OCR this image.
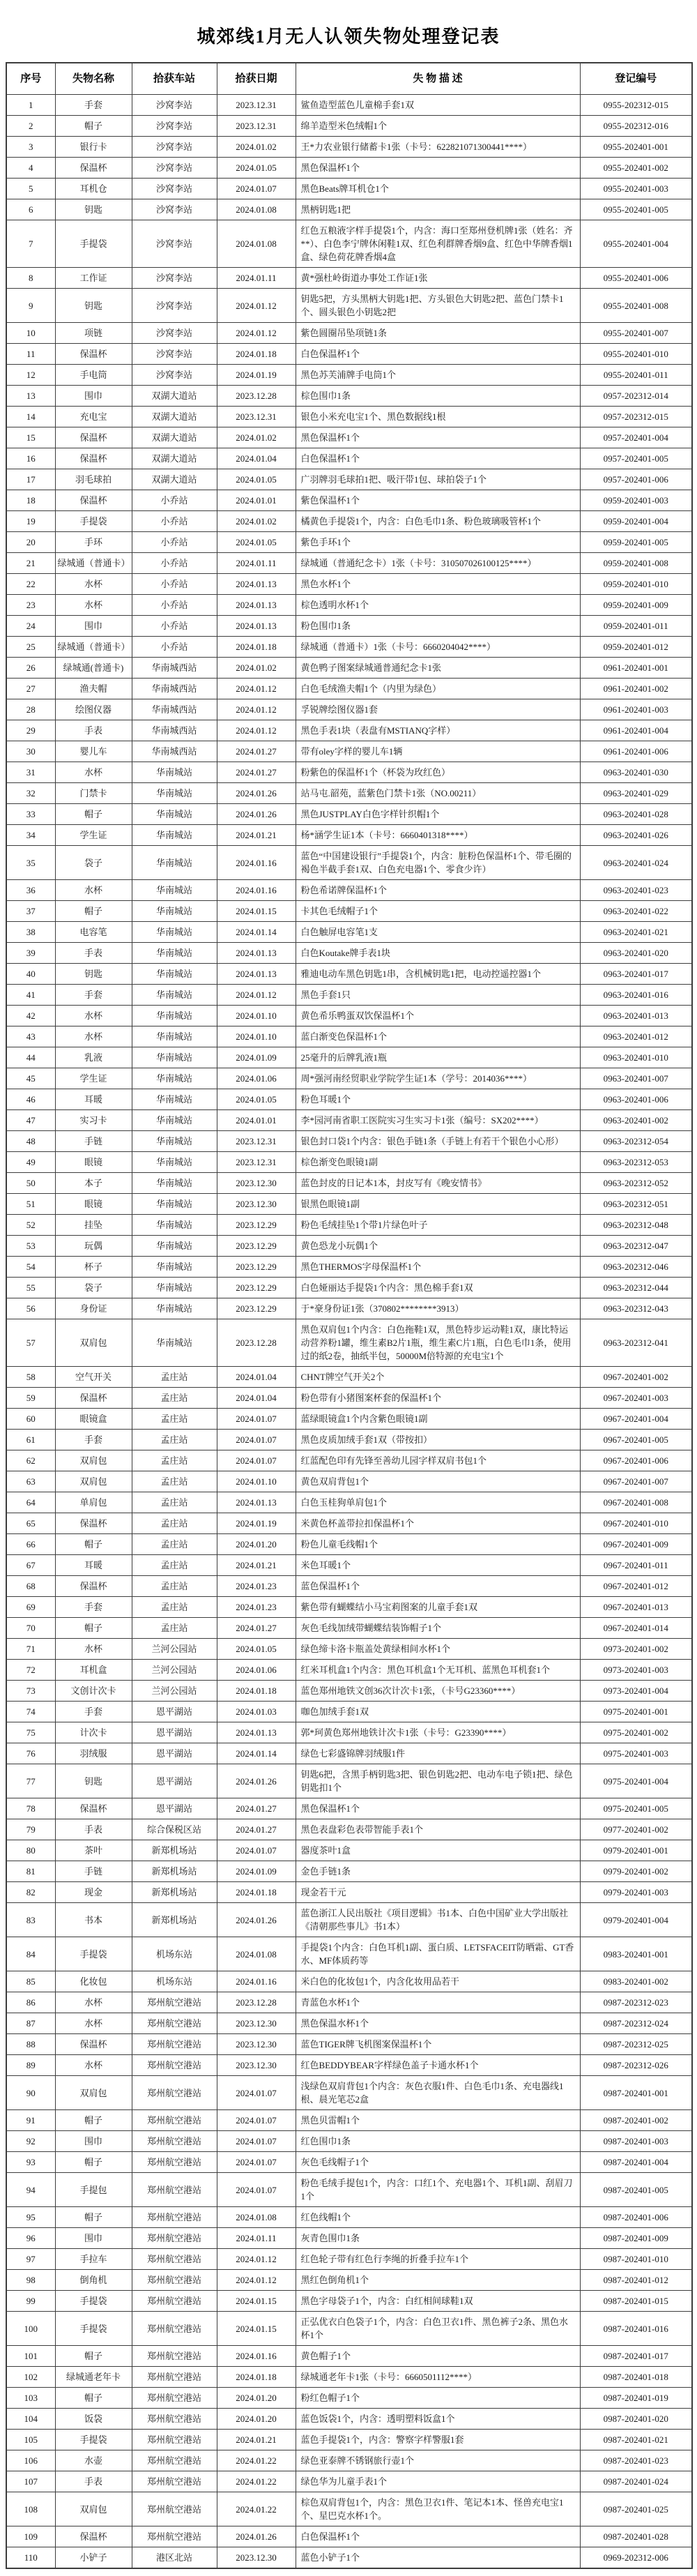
城郊线1月无人认领失物处理登记表
序号	失物名称	拾获车站	拾获日期	失 物 描 述	登记编号
1	手套	沙窝李站	2023.12.31	鲨鱼造型蓝色儿童棉手套1双	0955-202312-015
2	帽子	沙窝李站	2023.12.31	绵羊造型米色绒帽1个	0955-202312-016
3	银行卡	沙窝李站	2024.01.02	王*力农业银行储蓄卡1张（卡号：622821071300441****）	0955-202401-001
4	保温杯	沙窝李站	2024.01.05	黑色保温杯1个	0955-202401-002
5	耳机仓	沙窝李站	2024.01.07	黑色Beats牌耳机仓1个	0955-202401-003
6	钥匙	沙窝李站	2024.01.08	黑柄钥匙1把	0955-202401-005
7	手提袋	沙窝李站	2024.01.08	红色五粮液字样手提袋1个，内含：海口至郑州登机牌1张（姓名：齐**）、白色李宁牌休闲鞋1双、红色利群牌香烟9盒、红色中华牌香烟1盒、绿色荷花牌香烟4盒	0955-202401-004
8	工作证	沙窝李站	2024.01.11	黄*强杜岭街道办事处工作证1张	0955-202401-006
9	钥匙	沙窝李站	2024.01.12	钥匙5把，方头黑柄大钥匙1把、方头银色大钥匙2把、蓝色门禁卡1个、圆头银色小钥匙2把	0955-202401-008
10	项链	沙窝李站	2024.01.12	紫色圆圈吊坠项链1条	0955-202401-007
11	保温杯	沙窝李站	2024.01.18	白色保温杯1个	0955-202401-010
12	手电筒	沙窝李站	2024.01.19	黑色苏芙浦牌手电筒1个	0955-202401-011
13	围巾	双湖大道站	2023.12.28	棕色围巾1条	0957-202312-014
14	充电宝	双湖大道站	2023.12.31	银色小米充电宝1个、黑色数据线1根	0957-202312-015
15	保温杯	双湖大道站	2024.01.02	黑色保温杯1个	0957-202401-004
16	保温杯	双湖大道站	2024.01.04	白色保温杯1个	0957-202401-005
17	羽毛球拍	双湖大道站	2024.01.05	广羽牌羽毛球拍1把、吸汗带1包、球拍袋子1个	0957-202401-006
18	保温杯	小乔站	2024.01.01	紫色保温杯1个	0959-202401-003
19	手提袋	小乔站	2024.01.02	橘黄色手提袋1个，内含：白色毛巾1条、粉色玻璃吸管杯1个	0959-202401-004
20	手环	小乔站	2024.01.05	紫色手环1个	0959-202401-005
21	绿城通（普通卡）	小乔站	2024.01.11	绿城通（普通纪念卡）1张（卡号：310507026100125****）	0959-202401-008
22	水杯	小乔站	2024.01.13	黑色水杯1个	0959-202401-010
23	水杯	小乔站	2024.01.13	棕色透明水杯1个	0959-202401-009
24	围巾	小乔站	2024.01.13	粉色围巾1条	0959-202401-011
25	绿城通（普通卡）	小乔站	2024.01.18	绿城通（普通卡）1张（卡号：6660204042****）	0959-202401-012
26	绿城通(普通卡)	华南城西站	2024.01.02	黄色鸭子图案绿城通普通纪念卡1张	0961-202401-001
27	渔夫帽	华南城西站	2024.01.12	白色毛绒渔夫帽1个（内里为绿色）	0961-202401-002
28	绘图仪器	华南城西站	2024.01.12	孚锐牌绘图仪器1套	0961-202401-003
29	手表	华南城西站	2024.01.12	黑色手表1块（表盘有MSTIANQ字样）	0961-202401-004
30	婴儿车	华南城西站	2024.01.27	带有oley字样的婴儿车1辆	0961-202401-006
31	水杯	华南城站	2024.01.27	粉紫色的保温杯1个（杯袋为玫红色）	0963-202401-030
32	门禁卡	华南城站	2024.01.26	站马屯.韶苑，蓝紫色门禁卡1张（NO.00211）	0963-202401-029
33	帽子	华南城站	2024.01.26	黑色JUSTPLAY白色字样针织帽1个	0963-202401-028
34	学生证	华南城站	2024.01.21	杨*涵学生证1本（卡号：6660401318****）	0963-202401-026
35	袋子	华南城站	2024.01.16	蓝色“中国建设银行”手提袋1个，内含：脏粉色保温杯1个、带毛圈的褐色半截手套1双、白色充电器1个、零食少许）	0963-202401-024
36	水杯	华南城站	2024.01.16	粉色希诺牌保温杯1个	0963-202401-023
37	帽子	华南城站	2024.01.15	卡其色毛绒帽子1个	0963-202401-022
38	电容笔	华南城站	2024.01.14	白色触屏电容笔1支	0963-202401-021
39	手表	华南城站	2024.01.13	白色Koutake牌手表1块	0963-202401-020
40	钥匙	华南城站	2024.01.13	雅迪电动车黑色钥匙1串，含机械钥匙1把，电动控遥控器1个	0963-202401-017
41	手套	华南城站	2024.01.12	黑色手套1只	0963-202401-016
42	水杯	华南城站	2024.01.10	黄色希乐鸭蛋双饮保温杯1个	0963-202401-013
43	水杯	华南城站	2024.01.10	蓝白渐变色保温杯1个	0963-202401-012
44	乳液	华南城站	2024.01.09	25毫升的后牌乳液1瓶	0963-202401-010
45	学生证	华南城站	2024.01.06	周*强河南经贸职业学院学生证1本（学号：2014036****）	0963-202401-007
46	耳暖	华南城站	2024.01.05	粉色耳暖1个	0963-202401-006
47	实习卡	华南城站	2024.01.01	李*园河南省职工医院实习生实习卡1张（编号：SX202****）	0963-202401-002
48	手链	华南城站	2023.12.31	银色封口袋1个内含：银色手链1条（手链上有若干个银色小心形）	0963-202312-054
49	眼镜	华南城站	2023.12.31	棕色渐变色眼镜1副	0963-202312-053
50	本子	华南城站	2023.12.30	蓝色封皮的日记本1本，封皮写有《晚安情书》	0963-202312-052
51	眼镜	华南城站	2023.12.30	银黑色眼镜1副	0963-202312-051
52	挂坠	华南城站	2023.12.29	粉色毛绒挂坠1个带1片绿色叶子	0963-202312-048
53	玩偶	华南城站	2023.12.29	黄色恐龙小玩偶1个	0963-202312-047
54	杯子	华南城站	2023.12.29	黑色THERMOS字母保温杯1个	0963-202312-046
55	袋子	华南城站	2023.12.29	白色娅丽达手提袋1个内含：黑色棉手套1双	0963-202312-044
56	身份证	华南城站	2023.12.29	于*豪身份证1张（370802********3913）	0963-202312-043
57	双肩包	华南城站	2023.12.28	黑色双肩包1个内含：白色拖鞋1双，黑色特步运动鞋1双，康比特运动营养粉1罐，维生素B2片1瓶，维生素C片1瓶，白色毛巾1条，使用过的纸2卷，抽纸半包，50000M倍特源的充电宝1个	0963-202312-041
58	空气开关	孟庄站	2024.01.04	CHNT牌空气开关2个	0967-202401-002
59	保温杯	孟庄站	2024.01.04	粉色带有小猪图案杯套的保温杯1个	0967-202401-003
60	眼镜盒	孟庄站	2024.01.07	蓝绿眼镜盒1个内含紫色眼镜1副	0967-202401-004
61	手套	孟庄站	2024.01.07	黑色皮质加绒手套1双（带按扣）	0967-202401-005
62	双肩包	孟庄站	2024.01.07	红蓝配色印有先锋至善幼儿园字样双肩书包1个	0967-202401-006
63	双肩包	孟庄站	2024.01.10	黄色双肩背包1个	0967-202401-007
64	单肩包	孟庄站	2024.01.13	白色玉桂狗单肩包1个	0967-202401-008
65	保温杯	孟庄站	2024.01.19	米黄色杯盖带拉扣保温杯1个	0967-202401-010
66	帽子	孟庄站	2024.01.20	粉色儿童毛线帽1个	0967-202401-009
67	耳暖	孟庄站	2024.01.21	米色耳暖1个	0967-202401-011
68	保温杯	孟庄站	2024.01.23	蓝色保温杯1个	0967-202401-012
69	手套	孟庄站	2024.01.23	紫色带有蝴蝶结小马宝莉图案的儿童手套1双	0967-202401-013
70	帽子	孟庄站	2024.01.27	灰色毛线加绒带蝴蝶结装饰帽子1个	0967-202401-014
71	水杯	兰河公园站	2024.01.05	绿色缔卡洛卡瓶盖处黄绿相间水杯1个	0973-202401-002
72	耳机盒	兰河公园站	2024.01.06	红米耳机盒1个内含：黑色耳机盒1个无耳机、蓝黑色耳机套1个	0973-202401-003
73	文创计次卡	兰河公园站	2024.01.18	蓝色郑州地铁文创36次计次卡1张，（卡号G23360****）	0973-202401-004
74	手套	恩平湖站	2024.01.03	咖色加绒手套1双	0975-202401-001
75	计次卡	恩平湖站	2024.01.13	郭*珂黄色郑州地铁计次卡1张（卡号：G23390****）	0975-202401-002
76	羽绒服	恩平湖站	2024.01.14	绿色七彩盛锦牌羽绒服1件	0975-202401-003
77	钥匙	恩平湖站	2024.01.26	钥匙6把，含黑手柄钥匙3把、银色钥匙2把、电动车电子锁1把、绿色钥匙扣1个	0975-202401-004
78	保温杯	恩平湖站	2024.01.27	黑色保温杯1个	0975-202401-005
79	手表	综合保税区站	2024.01.27	黑色表盘彩色表带智能手表1个	0977-202401-002
80	茶叶	新郑机场站	2024.01.07	器度茶叶1盒	0979-202401-001
81	手链	新郑机场站	2024.01.09	金色手链1条	0979-202401-002
82	现金	新郑机场站	2024.01.18	现金若干元	0979-202401-003
83	书本	新郑机场站	2024.01.26	蓝色浙江人民出版社《项目逻辑》书1本、白色中国矿业大学出版社《清朝那些事儿》书1本）	0979-202401-004
84	手提袋	机场东站	2024.01.08	手提袋1个内含：白色耳机1副、蛋白质、LETSFACEIT防晒霜、GT香水、MF体质药等	0983-202401-001
85	化妆包	机场东站	2024.01.16	米白色的化妆包1个，内含化妆用品若干	0983-202401-002
86	水杯	郑州航空港站	2023.12.28	青蓝色水杯1个	0987-202312-023
87	水杯	郑州航空港站	2023.12.30	黑色保温水杯1个	0987-202312-024
88	保温杯	郑州航空港站	2023.12.30	蓝色TIGER牌飞机图案保温杯1个	0987-202312-025
89	水杯	郑州航空港站	2023.12.30	红色BEDDYBEAR字样绿色盖子卡通水杯1个	0987-202312-026
90	双肩包	郑州航空港站	2024.01.07	浅绿色双肩背包1个内含：灰色衣服1件、白色毛巾1条、充电器线1根、晨光笔芯2盒	0987-202401-001
91	帽子	郑州航空港站	2024.01.07	黑色贝雷帽1个	0987-202401-002
92	围巾	郑州航空港站	2024.01.07	红色围巾1条	0987-202401-003
93	帽子	郑州航空港站	2024.01.07	灰色毛线帽子1个	0987-202401-004
94	手提包	郑州航空港站	2024.01.07	粉色毛绒手提包1个，内含：口红1个、充电器1个、耳机1副、刮眉刀1个	0987-202401-005
95	帽子	郑州航空港站	2024.01.08	红色线帽1个	0987-202401-006
96	围巾	郑州航空港站	2024.01.11	灰青色围巾1条	0987-202401-009
97	手拉车	郑州航空港站	2024.01.12	红色轮子带有红色行李绳的折叠手拉车1个	0987-202401-010
98	倒角机	郑州航空港站	2024.01.12	黑红色倒角机1个	0987-202401-012
99	手提袋	郑州航空港站	2024.01.15	黑色字母袋子1个，内含：白红相间球鞋1双	0987-202401-015
100	手提袋	郑州航空港站	2024.01.15	正弘优衣白色袋子1个，内含：白色卫衣1件、黑色裤子2条、黑色水杯1个	0987-202401-016
101	帽子	郑州航空港站	2024.01.16	黄色帽子1个	0987-202401-017
102	绿城通老年卡	郑州航空港站	2024.01.18	绿城通老年卡1张（卡号：6660501112****）	0987-202401-018
103	帽子	郑州航空港站	2024.01.20	粉红色帽子1个	0987-202401-019
104	饭袋	郑州航空港站	2024.01.20	蓝色饭袋1个，内含：透明塑料饭盒1个	0987-202401-020
105	手提袋	郑州航空港站	2024.01.21	蓝色手提袋1个，内含：警察字样警服1套	0987-202401-021
106	水壶	郑州航空港站	2024.01.22	绿色亚泰牌不锈钢旅行壶1个	0987-202401-023
107	手表	郑州航空港站	2024.01.22	绿色华为儿童手表1个	0987-202401-024
108	双肩包	郑州航空港站	2024.01.22	棕色双肩背包1个，内含：黑色卫衣1件、笔记本1本、怪兽充电宝1个、星巴克水杯1个。	0987-202401-025
109	保温杯	郑州航空港站	2024.01.26	白色保温杯1个	0987-202401-028
110	小铲子	港区北站	2023.12.30	蓝色小铲子1个	0969-202312-006
